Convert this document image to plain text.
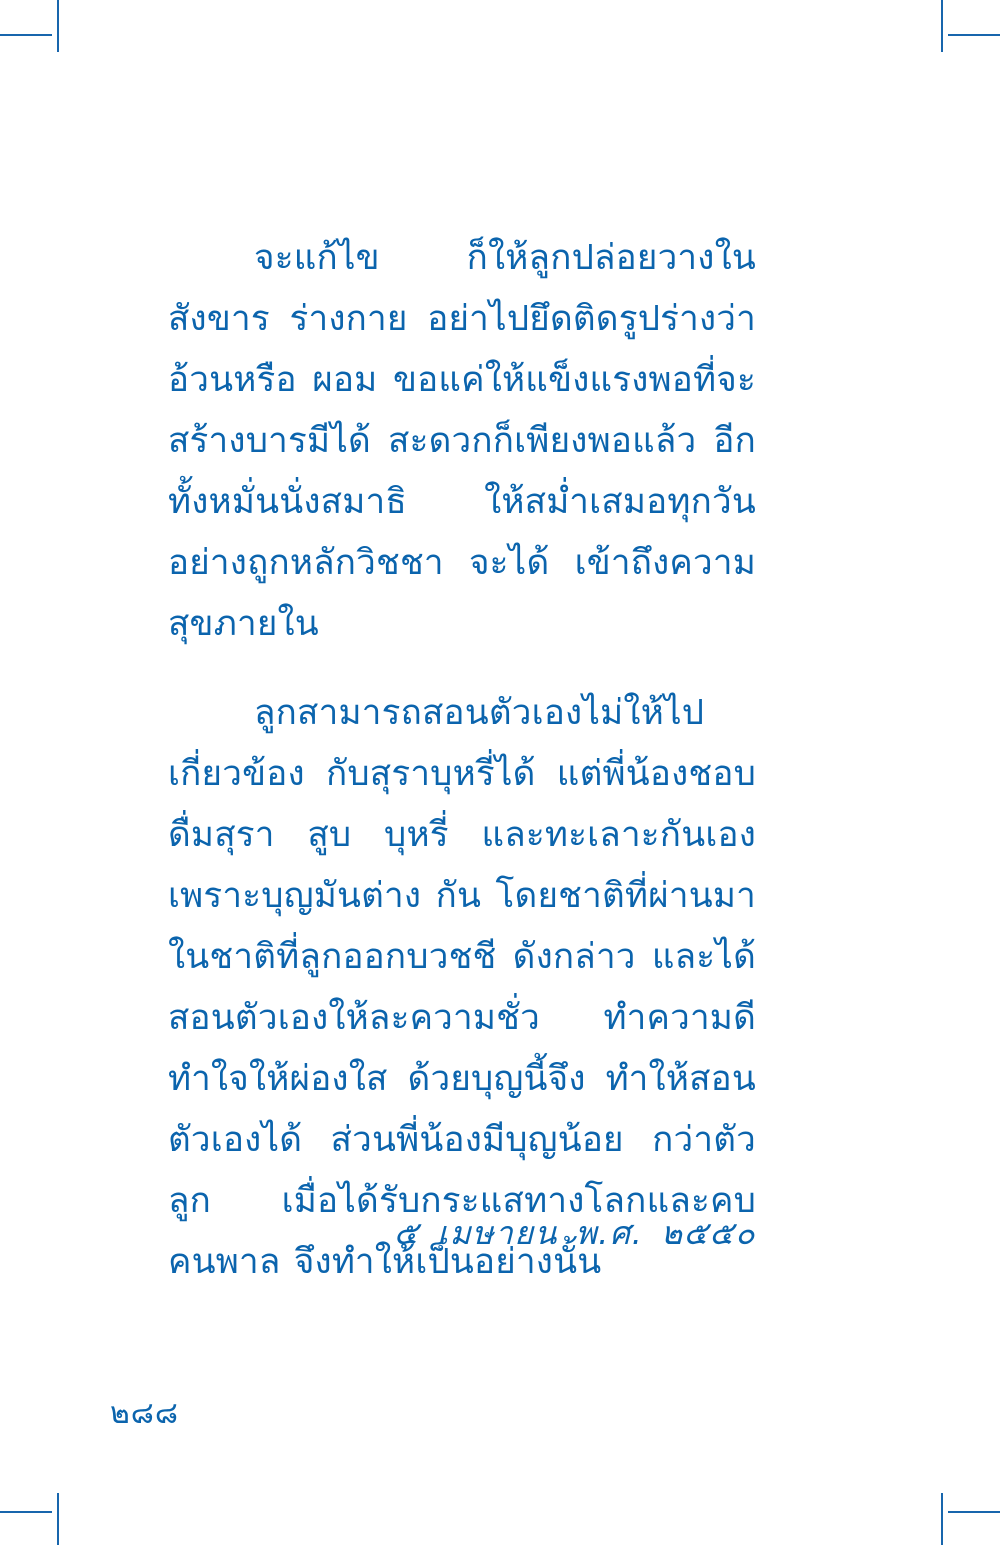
จะแก้ไข ก็ให้ลูกปล่อยวางในสังขาร ร่างกาย อย่าไปยึดติดรูปร่างว่าอ้วนหรือ ผอม ขอแค่ให้แข็งแรงพอที่จะสร้างบารมีได้ สะดวกก็เพียงพอแล้ว อีกทั้งหมั่นนั่งสมาธิ ให้สม่ำเสมอทุกวันอย่างถูกหลักวิชชา จะได้ เข้าถึงความสุขภายใน

ลูกสามารถสอนตัวเองไม่ให้ไปเกี่ยวข้อง กับสุราบุหรี่ได้ แต่พี่น้องชอบดื่มสุรา สูบ บุหรี่ และทะเลาะกันเอง เพราะบุญมันต่าง กัน โดยชาติที่ผ่านมา ในชาติที่ลูกออกบวชชี ดังกล่าว และได้สอนตัวเองให้ละความชั่ว ทำความดี ทำใจให้ผ่องใส ด้วยบุญนี้จึง ทำให้สอนตัวเองได้ ส่วนพี่น้องมีบุญน้อย กว่าตัวลูก เมื่อได้รับกระแสทางโลกและคบ คนพาล จึงทำให้เป็นอย่างนั้น

๕ เมษายน พ.ศ. ๒๕๕๐
๒๘๘
